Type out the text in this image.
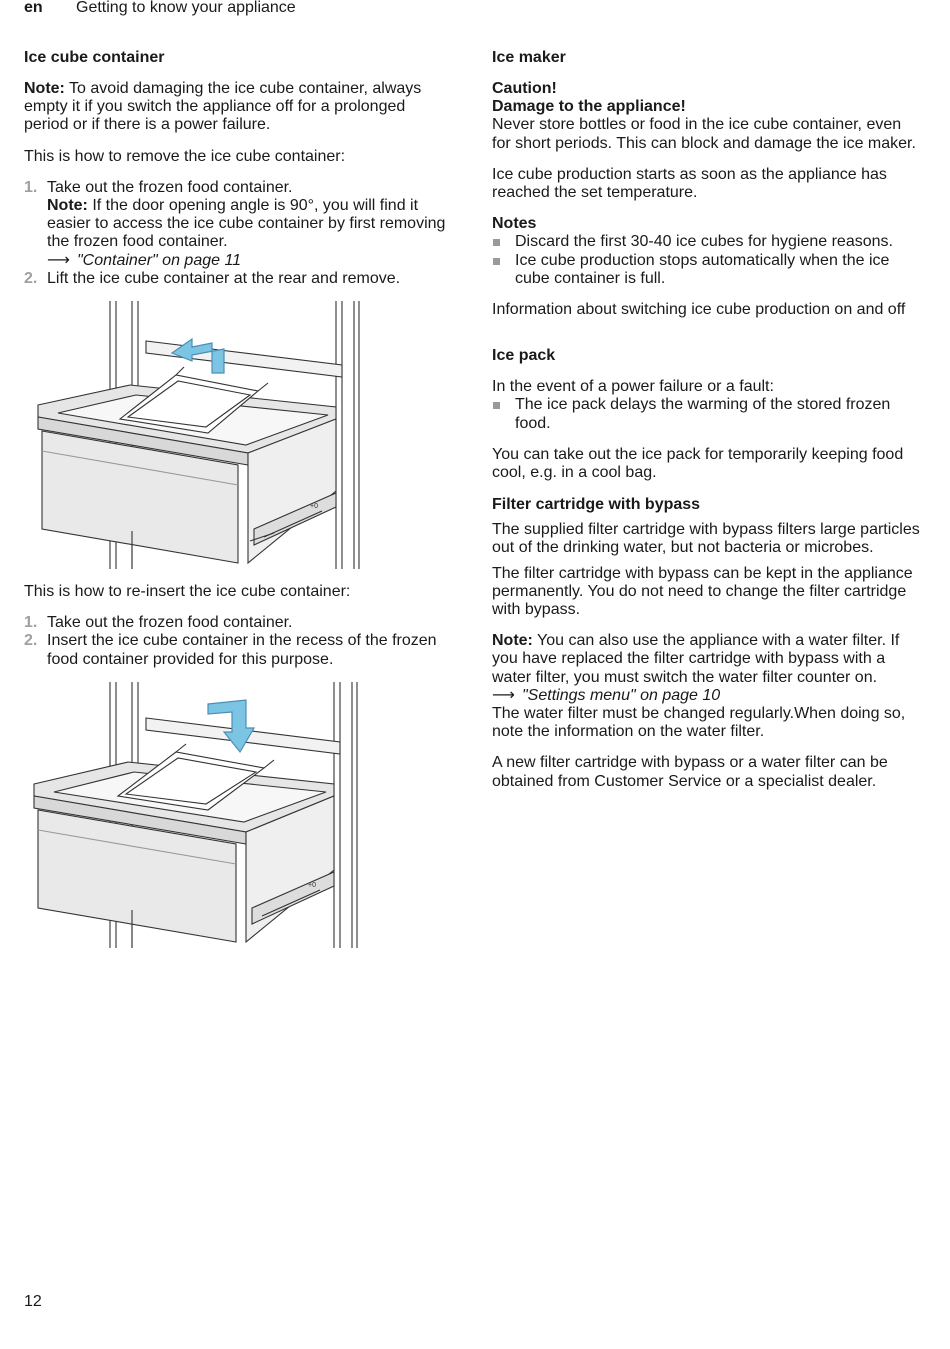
en Getting to know your appliance
Ice cube container

Note: To avoid damaging the ice cube container, always empty it if you switch the appliance off for a prolonged period or if there is a power failure.

This is how to remove the ice cube container:

1. Take out the frozen food container.
Note: If the door opening angle is 90°, you will find it easier to access the ice cube container by first removing the frozen food container.
⟶ "Container" on page 11
2. Lift the ice cube container at the rear and remove.
+0

This is how to re-insert the ice cube container:

1. Take out the frozen food container.
2. Insert the ice cube container in the recess of the frozen food container provided for this purpose.
+0
Ice maker

Caution!
Damage to the appliance!
Never store bottles or food in the ice cube container, even for short periods. This can block and damage the ice maker.

Ice cube production starts as soon as the appliance has reached the set temperature.

Notes
Discard the first 30-40 ice cubes for hygiene reasons.
Ice cube production stops automatically when the ice cube container is full.

Information about switching ice cube production on and off

Ice pack

In the event of a power failure or a fault:

The ice pack delays the warming of the stored frozen food.

You can take out the ice pack for temporarily keeping food cool, e.g. in a cool bag.

Filter cartridge with bypass

The supplied filter cartridge with bypass filters large particles out of the drinking water, but not bacteria or microbes.

The filter cartridge with bypass can be kept in the appliance permanently. You do not need to change the filter cartridge with bypass.

Note: You can also use the appliance with a water filter. If you have replaced the filter cartridge with bypass with a water filter, you must switch the water filter counter on.
⟶ "Settings menu" on page 10
The water filter must be changed regularly.When doing so, note the information on the water filter.

A new filter cartridge with bypass or a water filter can be obtained from Customer Service or a specialist dealer.

12
